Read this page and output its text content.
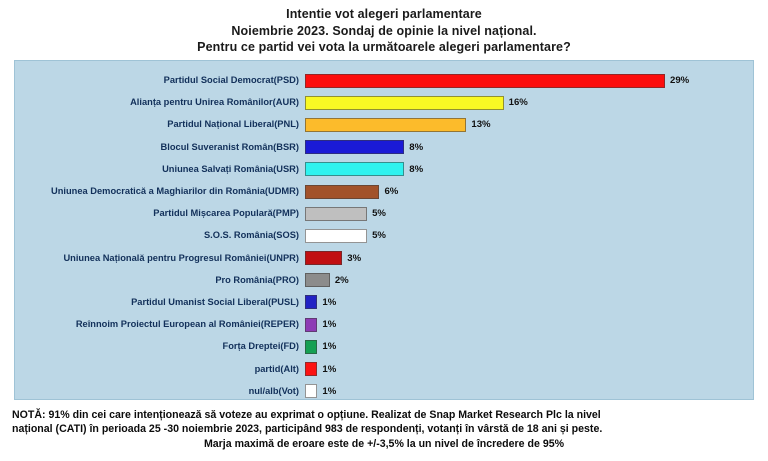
Intentie vot alegeri parlamentare
Noiembrie 2023. Sondaj de opinie la nivel național.
Pentru ce partid vei vota la următoarele alegeri parlamentare?
Partidul Social Democrat(PSD)	29%
Alianța pentru Unirea Românilor(AUR)	16%
Partidul Național Liberal(PNL)	13%
Blocul Suveranist Român(BSR)	8%
Uniunea Salvați România(USR)	8%
Uniunea Democratică a Maghiarilor din România(UDMR)	6%
Partidul Mișcarea Populară(PMP)	5%
S.O.S. România(SOS)	5%
Uniunea Națională pentru Progresul României(UNPR)	3%
Pro România(PRO)	2%
Partidul Umanist Social Liberal(PUSL)	1%
Reînnoim Proiectul European al României(REPER)	1%
Forța Dreptei(FD)	1%
partid(Alt)	1%
nul/alb(Vot)	1%
NOTĂ: 91% din cei care intenționează să voteze au exprimat o opțiune. Realizat de Snap Market Research Plc la nivel
național (CATI) în perioada 25 -30 noiembrie 2023, participând 983 de respondenți, votanți în vârstă de 18 ani și peste.
Marja maximă de eroare este de +/-3,5% la un nivel de încredere de 95%
